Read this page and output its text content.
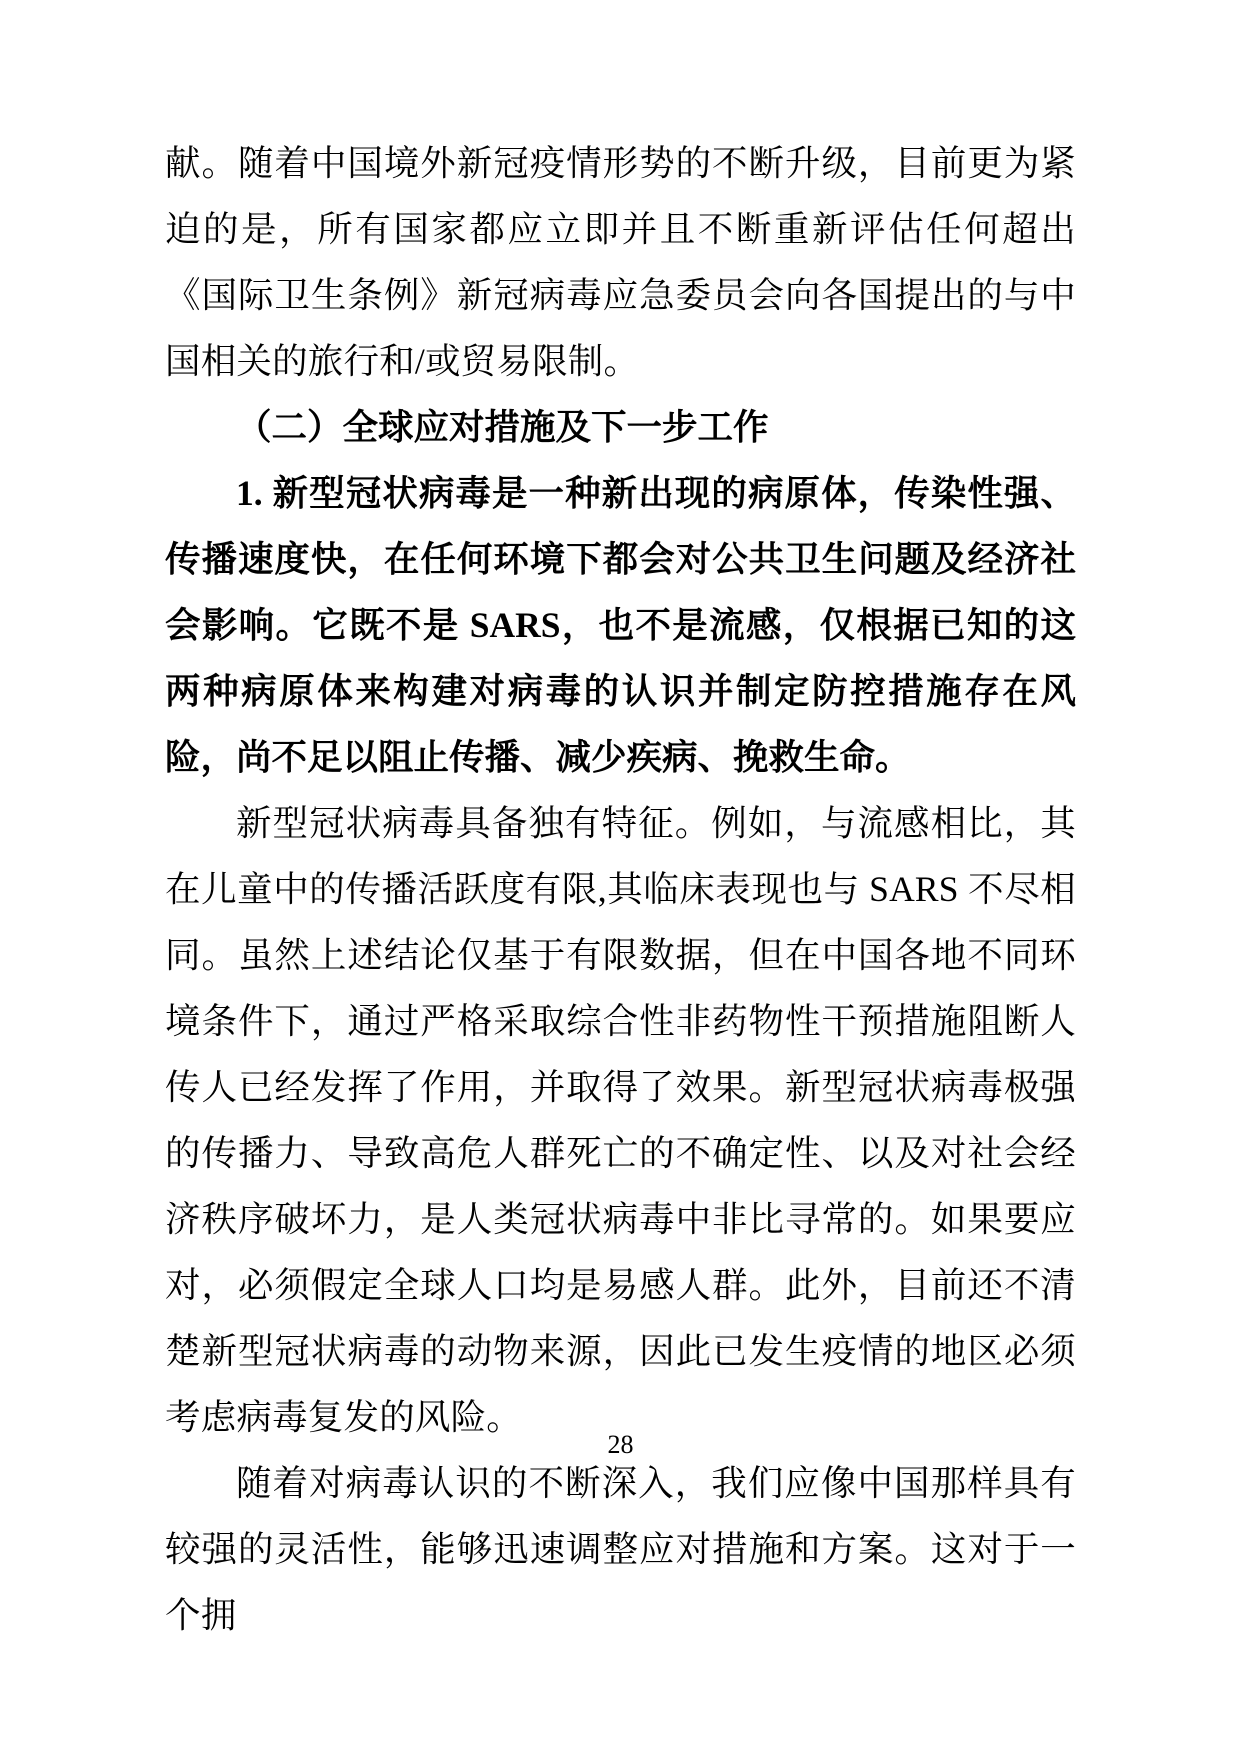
献。随着中国境外新冠疫情形势的不断升级，目前更为紧迫的是，所有国家都应立即并且不断重新评估任何超出《国际卫生条例》新冠病毒应急委员会向各国提出的与中国相关的旅行和/或贸易限制。

（二）全球应对措施及下一步工作

1. 新型冠状病毒是一种新出现的病原体，传染性强、传播速度快，在任何环境下都会对公共卫生问题及经济社会影响。它既不是 SARS，也不是流感，仅根据已知的这两种病原体来构建对病毒的认识并制定防控措施存在风险，尚不足以阻止传播、减少疾病、挽救生命。

新型冠状病毒具备独有特征。例如，与流感相比，其在儿童中的传播活跃度有限,其临床表现也与 SARS 不尽相同。虽然上述结论仅基于有限数据，但在中国各地不同环境条件下，通过严格采取综合性非药物性干预措施阻断人传人已经发挥了作用，并取得了效果。新型冠状病毒极强的传播力、导致高危人群死亡的不确定性、以及对社会经济秩序破坏力，是人类冠状病毒中非比寻常的。如果要应对，必须假定全球人口均是易感人群。此外，目前还不清楚新型冠状病毒的动物来源，因此已发生疫情的地区必须考虑病毒复发的风险。

随着对病毒认识的不断深入，我们应像中国那样具有较强的灵活性，能够迅速调整应对措施和方案。这对于一个拥

28
